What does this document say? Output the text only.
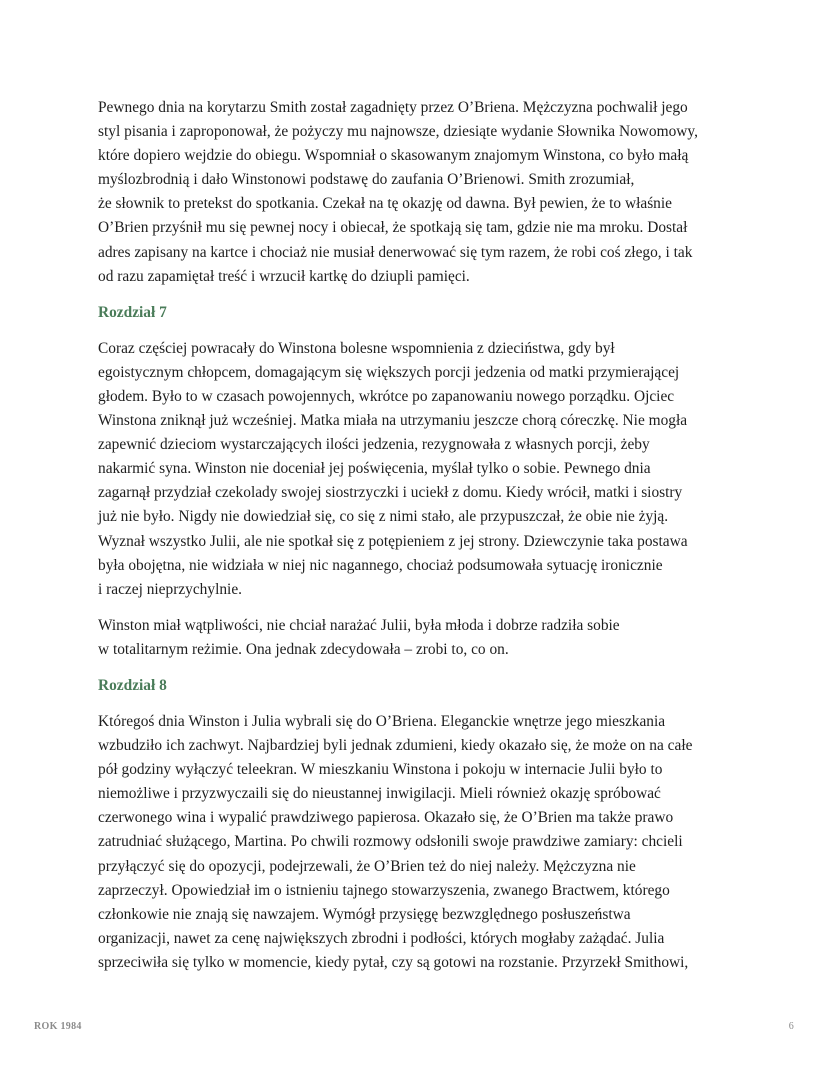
Pewnego dnia na korytarzu Smith został zagadnięty przez O’Briena. Mężczyzna pochwalił jego
styl pisania i zaproponował, że pożyczy mu najnowsze, dziesiąte wydanie Słownika Nowomowy,
które dopiero wejdzie do obiegu. Wspomniał o skasowanym znajomym Winstona, co było małą
myślozbrodnią i dało Winstonowi podstawę do zaufania O’Brienowi. Smith zrozumiał,
że słownik to pretekst do spotkania. Czekał na tę okazję od dawna. Był pewien, że to właśnie
O’Brien przyśnił mu się pewnej nocy i obiecał, że spotkają się tam, gdzie nie ma mroku. Dostał
adres zapisany na kartce i chociaż nie musiał denerwować się tym razem, że robi coś złego, i tak
od razu zapamiętał treść i wrzucił kartkę do dziupli pamięci.

Rozdział 7

Coraz częściej powracały do Winstona bolesne wspomnienia z dzieciństwa, gdy był
egoistycznym chłopcem, domagającym się większych porcji jedzenia od matki przymierającej
głodem. Było to w czasach powojennych, wkrótce po zapanowaniu nowego porządku. Ojciec
Winstona zniknął już wcześniej. Matka miała na utrzymaniu jeszcze chorą córeczkę. Nie mogła
zapewnić dzieciom wystarczających ilości jedzenia, rezygnowała z własnych porcji, żeby
nakarmić syna. Winston nie doceniał jej poświęcenia, myślał tylko o sobie. Pewnego dnia
zagarnął przydział czekolady swojej siostrzyczki i uciekł z domu. Kiedy wrócił, matki i siostry
już nie było. Nigdy nie dowiedział się, co się z nimi stało, ale przypuszczał, że obie nie żyją.
Wyznał wszystko Julii, ale nie spotkał się z potępieniem z jej strony. Dziewczynie taka postawa
była obojętna, nie widziała w niej nic nagannego, chociaż podsumowała sytuację ironicznie
i raczej nieprzychylnie.

Winston miał wątpliwości, nie chciał narażać Julii, była młoda i dobrze radziła sobie
w totalitarnym reżimie. Ona jednak zdecydowała – zrobi to, co on.

Rozdział 8

Któregoś dnia Winston i Julia wybrali się do O’Briena. Eleganckie wnętrze jego mieszkania
wzbudziło ich zachwyt. Najbardziej byli jednak zdumieni, kiedy okazało się, że może on na całe
pół godziny wyłączyć teleekran. W mieszkaniu Winstona i pokoju w internacie Julii było to
niemożliwe i przyzwyczaili się do nieustannej inwigilacji. Mieli również okazję spróbować
czerwonego wina i wypalić prawdziwego papierosa. Okazało się, że O’Brien ma także prawo
zatrudniać służącego, Martina. Po chwili rozmowy odsłonili swoje prawdziwe zamiary: chcieli
przyłączyć się do opozycji, podejrzewali, że O’Brien też do niej należy. Mężczyzna nie
zaprzeczył. Opowiedział im o istnieniu tajnego stowarzyszenia, zwanego Bractwem, którego
członkowie nie znają się nawzajem. Wymógł przysięgę bezwzględnego posłuszeństwa
organizacji, nawet za cenę największych zbrodni i podłości, których mogłaby zażądać. Julia
sprzeciwiła się tylko w momencie, kiedy pytał, czy są gotowi na rozstanie. Przyrzekł Smithowi,

ROK 1984	6
